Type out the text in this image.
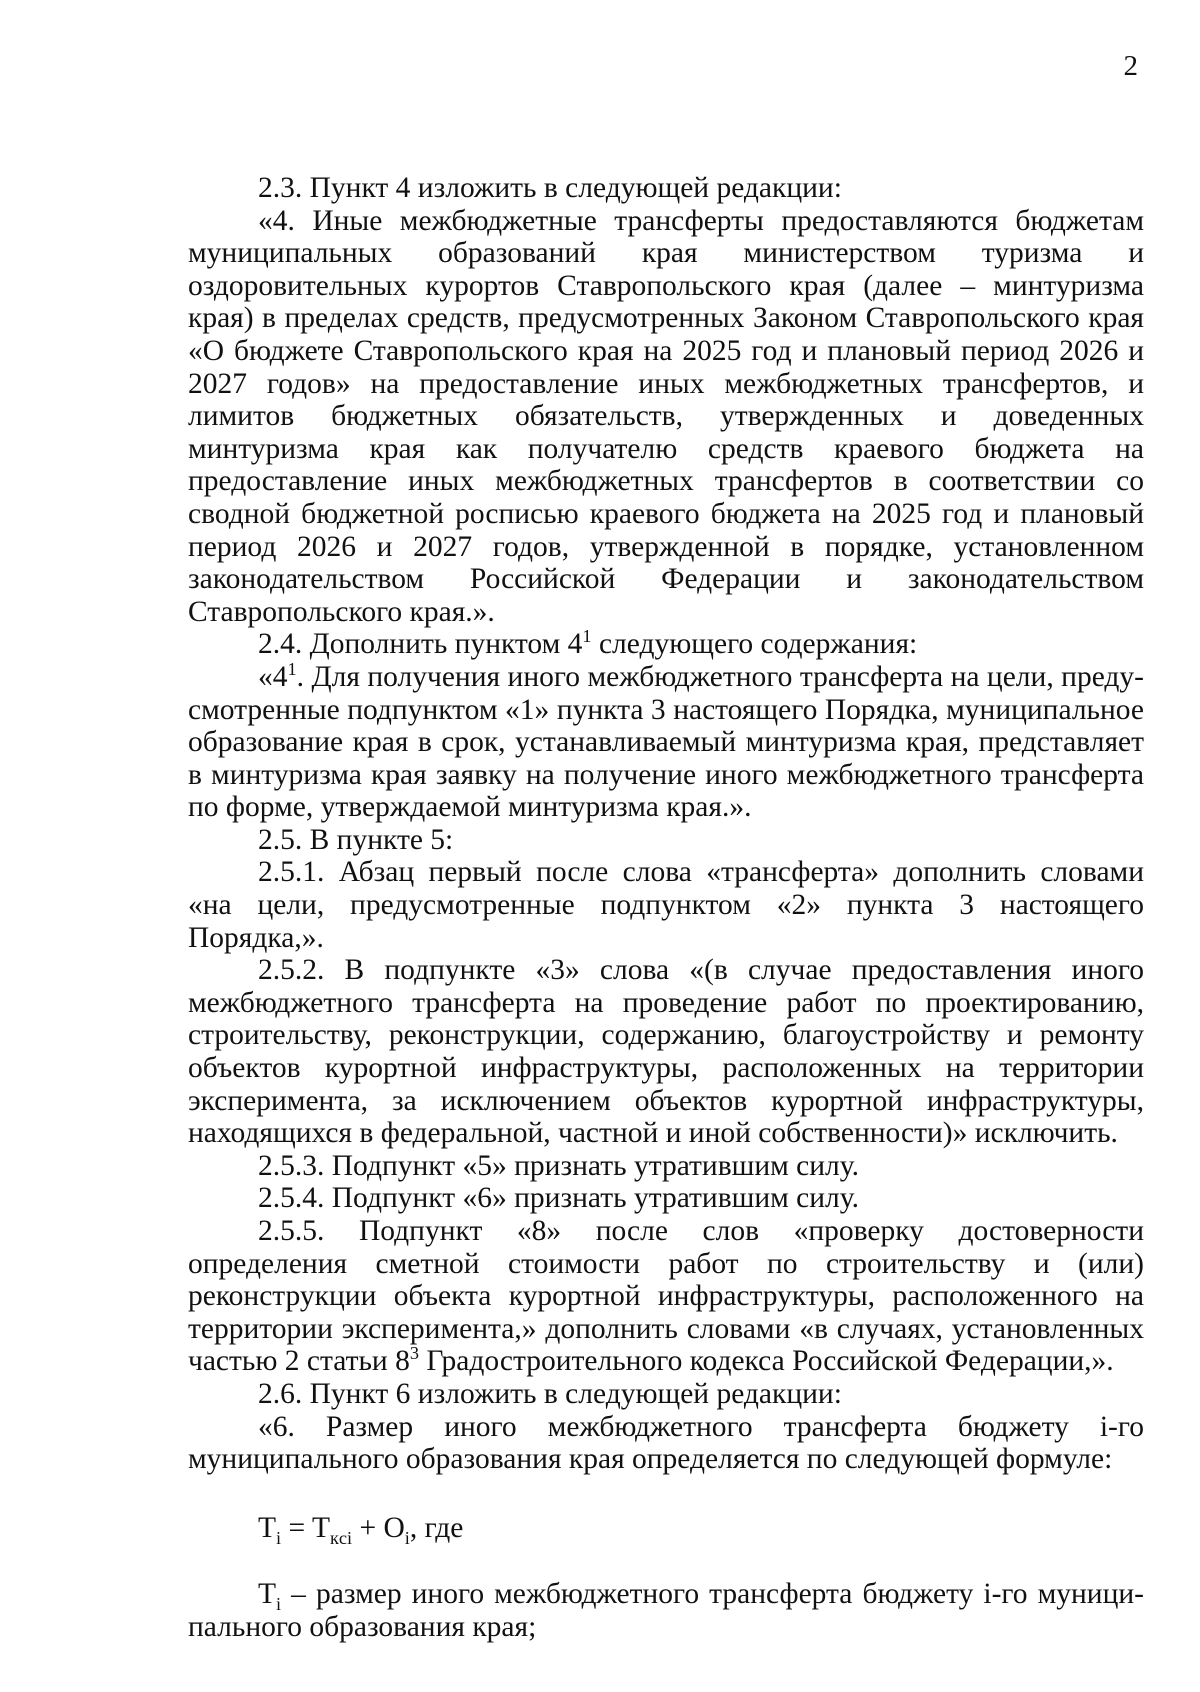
2

2.3. Пункт 4 изложить в следующей редакции:

«4. Иные межбюджетные трансферты предоставляются бюджетам муниципальных образований края министерством туризма и оздоровительных курортов Ставропольского края (далее – минтуризма края) в пределах средств, предусмотренных Законом Ставропольского края «О бюджете Ставропольского края на 2025 год и плановый период 2026 и 2027 годов» на предоставление иных межбюджетных трансфертов, и лимитов бюджетных обязательств, утвержденных и доведенных минтуризма края как получателю средств краевого бюджета на предоставление иных межбюджетных трансфертов в соответствии со сводной бюджетной росписью краевого бюджета на 2025 год и плановый период 2026 и 2027 годов, утвержденной в порядке, установленном законодательством Российской Федерации и законодательством Ставропольского края.».

2.4. Дополнить пунктом $4^1$ следующего содержания:

«$4^1$. Для получения иного межбюджетного трансферта на цели, предусмотренные подпунктом «1» пункта 3 настоящего Порядка, муниципальное образование края в срок, устанавливаемый минтуризма края, представляет в минтуризма края заявку на получение иного межбюджетного трансферта по форме, утверждаемой минтуризма края.».

2.5. В пункте 5:

2.5.1. Абзац первый после слова «трансферта» дополнить словами «на цели, предусмотренные подпунктом «2» пункта 3 настоящего Порядка,».

2.5.2. В подпункте «3» слова «(в случае предоставления иного межбюджетного трансферта на проведение работ по проектированию, строительству, реконструкции, содержанию, благоустройству и ремонту объектов курортной инфраструктуры, расположенных на территории эксперимента, за исключением объектов курортной инфраструктуры, находящихся в федеральной, частной и иной собственности)» исключить.

2.5.3. Подпункт «5» признать утратившим силу.

2.5.4. Подпункт «6» признать утратившим силу.

2.5.5. Подпункт «8» после слов «проверку достоверности определения сметной стоимости работ по строительству и (или) реконструкции объекта курортной инфраструктуры, расположенного на территории эксперимента,» дополнить словами «в случаях, установленных частью 2 статьи $8^3$ Градостроительного кодекса Российской Федерации,».

2.6. Пункт 6 изложить в следующей редакции:

«6. Размер иного межбюджетного трансферта бюджету i-го муниципального образования края определяется по следующей формуле:

$T_i = T_{кci} + O_i$, где

$T_i$ – размер иного межбюджетного трансферта бюджету i-го муниципального образования края;
